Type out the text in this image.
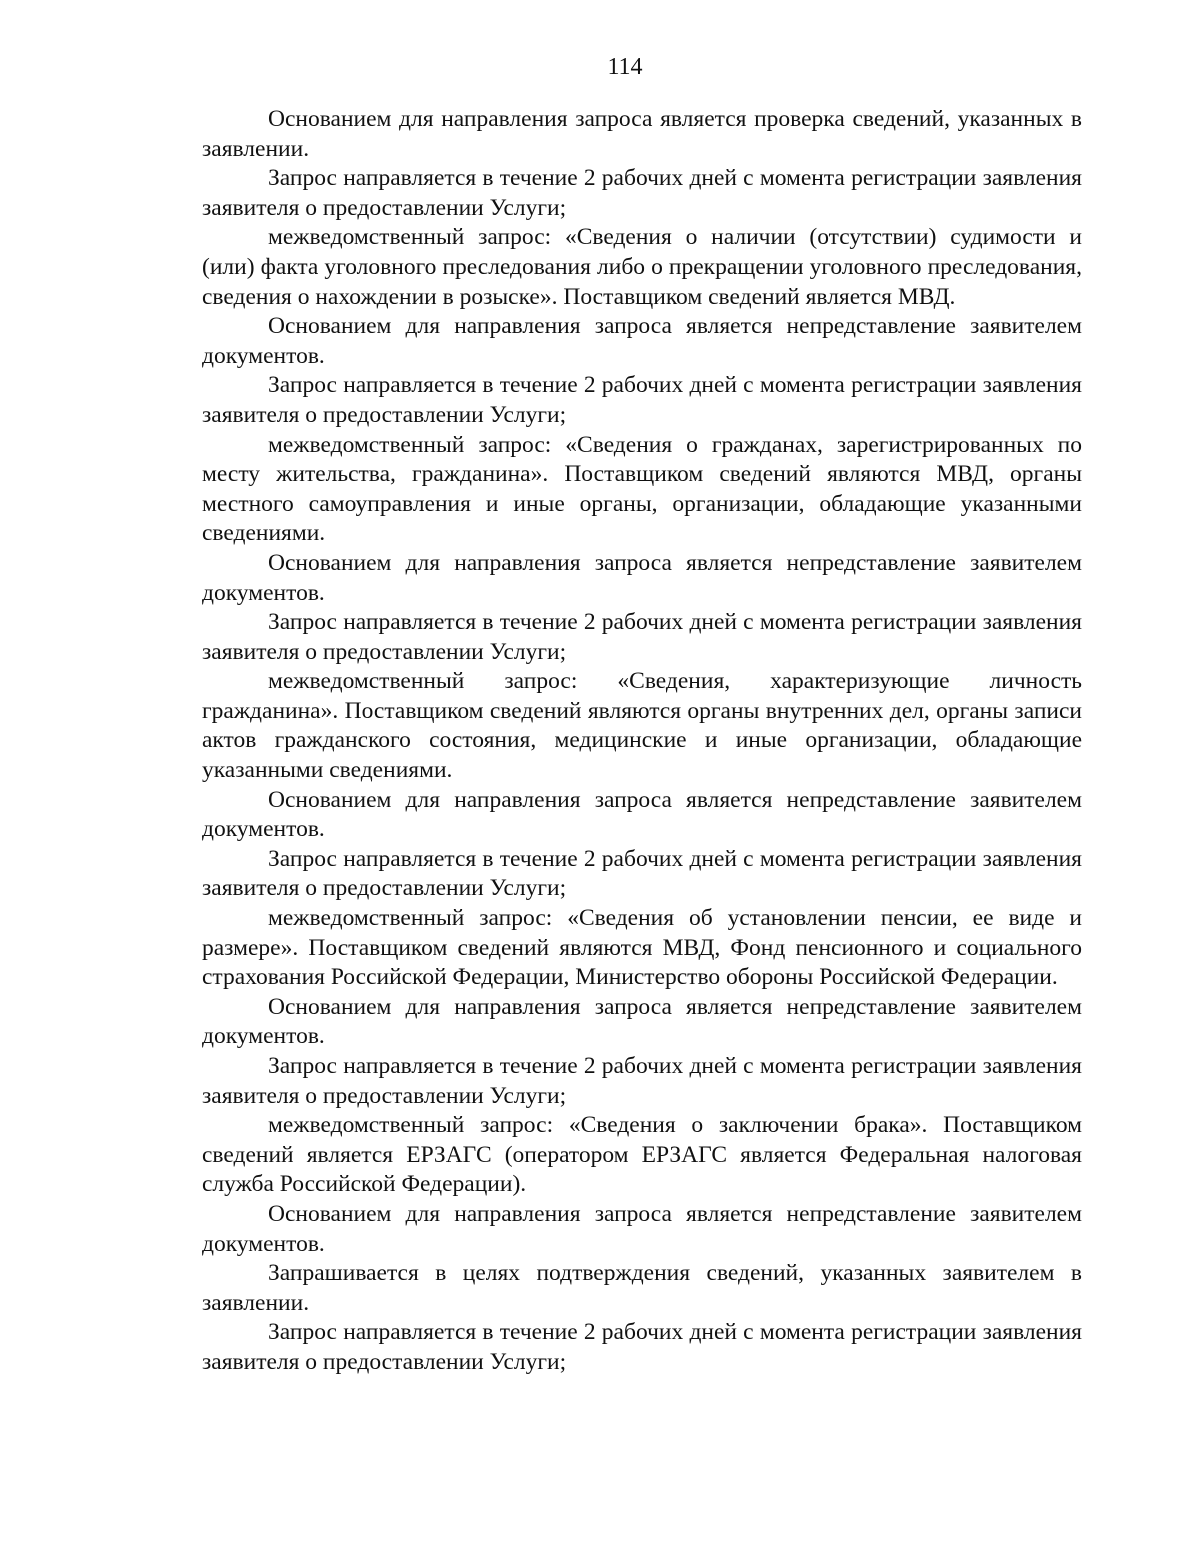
114

Основанием для направления запроса является проверка сведений, указанных в заявлении.

Запрос направляется в течение 2 рабочих дней с момента регистрации заявления заявителя о предоставлении Услуги;

межведомственный запрос: «Сведения о наличии (отсутствии) судимости и (или) факта уголовного преследования либо о прекращении уголовного преследования, сведения о нахождении в розыске». Поставщиком сведений является МВД.

Основанием для направления запроса является непредставление заявителем документов.

Запрос направляется в течение 2 рабочих дней с момента регистрации заявления заявителя о предоставлении Услуги;

межведомственный запрос: «Сведения о гражданах, зарегистрированных по месту жительства, гражданина». Поставщиком сведений являются МВД, органы местного самоуправления и иные органы, организации, обладающие указанными сведениями.

Основанием для направления запроса является непредставление заявителем документов.

Запрос направляется в течение 2 рабочих дней с момента регистрации заявления заявителя о предоставлении Услуги;

межведомственный запрос: «Сведения, характеризующие личность гражданина». Поставщиком сведений являются органы внутренних дел, органы записи актов гражданского состояния, медицинские и иные организации, обладающие указанными сведениями.

Основанием для направления запроса является непредставление заявителем документов.

Запрос направляется в течение 2 рабочих дней с момента регистрации заявления заявителя о предоставлении Услуги;

межведомственный запрос: «Сведения об установлении пенсии, ее виде и размере». Поставщиком сведений являются МВД, Фонд пенсионного и социального страхования Российской Федерации, Министерство обороны Российской Федерации.

Основанием для направления запроса является непредставление заявителем документов.

Запрос направляется в течение 2 рабочих дней с момента регистрации заявления заявителя о предоставлении Услуги;

межведомственный запрос: «Сведения о заключении брака». Поставщиком сведений является ЕРЗАГС (оператором ЕРЗАГС является Федеральная налоговая служба Российской Федерации).

Основанием для направления запроса является непредставление заявителем документов.

Запрашивается в целях подтверждения сведений, указанных заявителем в заявлении.

Запрос направляется в течение 2 рабочих дней с момента регистрации заявления заявителя о предоставлении Услуги;
